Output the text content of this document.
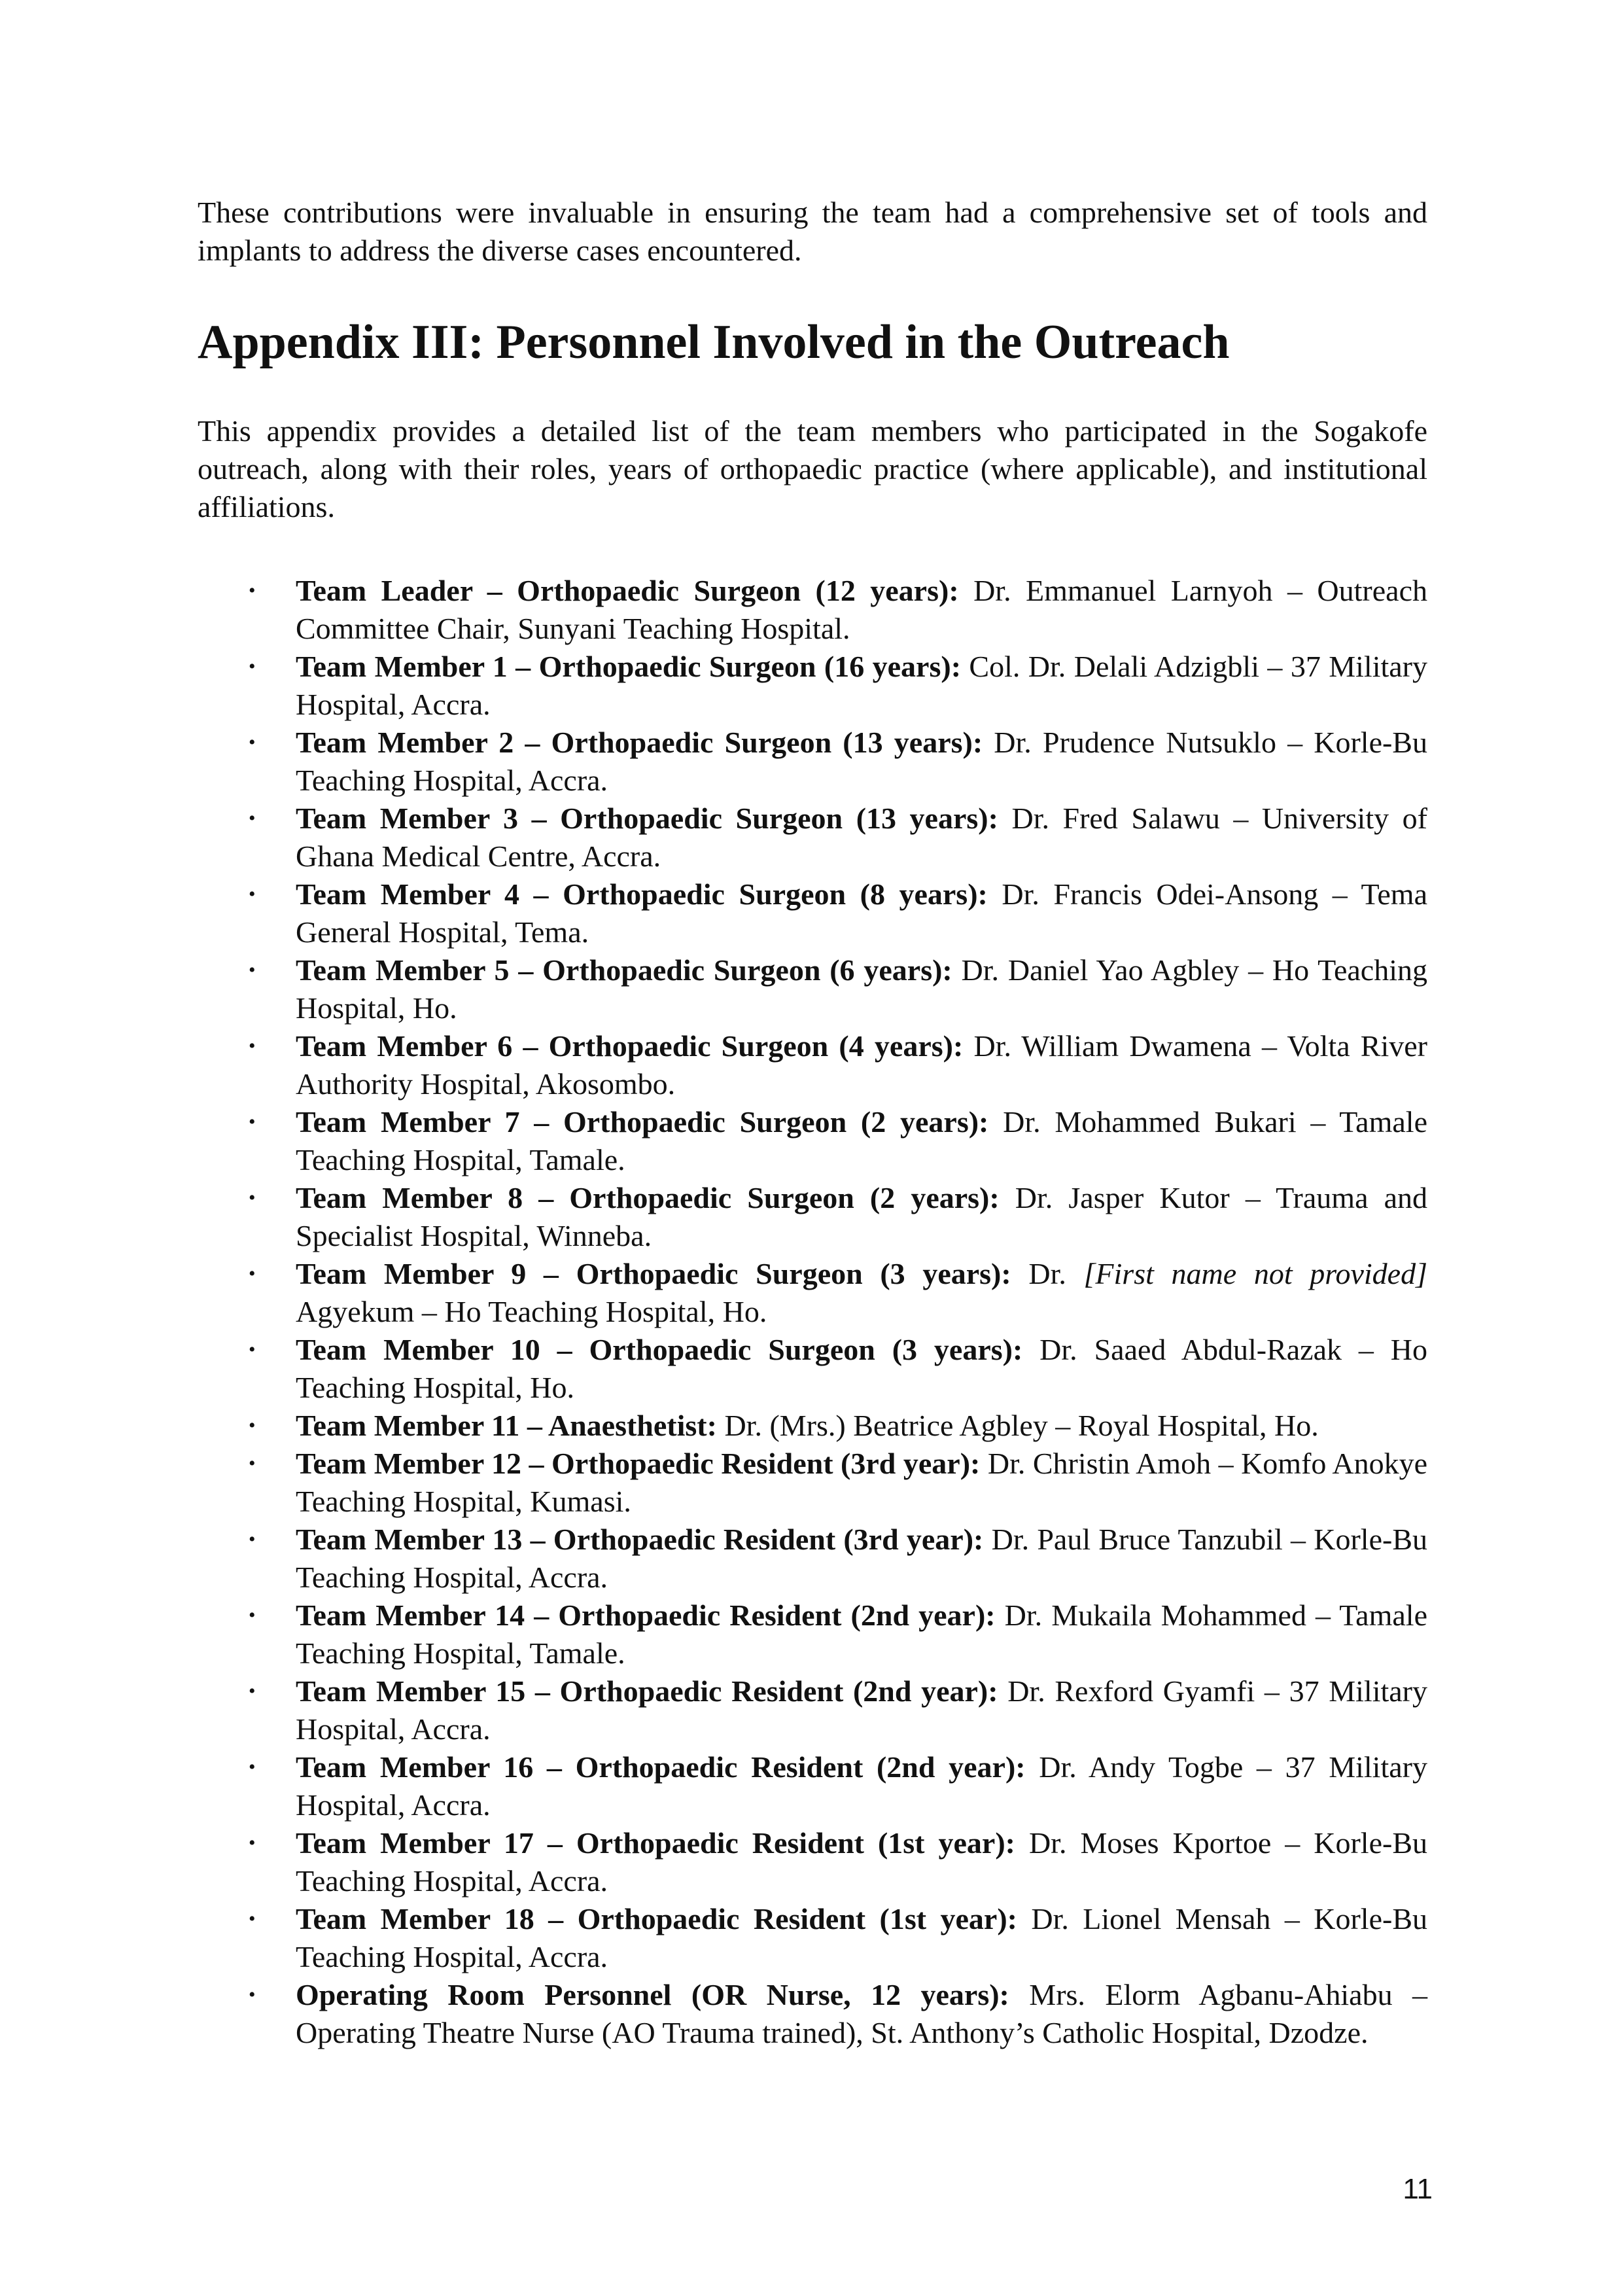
These contributions were invaluable in ensuring the team had a comprehensive set of tools and implants to address the diverse cases encountered.

Appendix III: Personnel Involved in the Outreach

This appendix provides a detailed list of the team members who participated in the Sogakofe outreach, along with their roles, years of orthopaedic practice (where applicable), and institutional affiliations.

• Team Leader – Orthopaedic Surgeon (12 years): Dr. Emmanuel Larnyoh – Outreach Committee Chair, Sunyani Teaching Hospital.
• Team Member 1 – Orthopaedic Surgeon (16 years): Col. Dr. Delali Adzigbli – 37 Military Hospital, Accra.
• Team Member 2 – Orthopaedic Surgeon (13 years): Dr. Prudence Nutsuklo – Korle-Bu Teaching Hospital, Accra.
• Team Member 3 – Orthopaedic Surgeon (13 years): Dr. Fred Salawu – University of Ghana Medical Centre, Accra.
• Team Member 4 – Orthopaedic Surgeon (8 years): Dr. Francis Odei-Ansong – Tema General Hospital, Tema.
• Team Member 5 – Orthopaedic Surgeon (6 years): Dr. Daniel Yao Agbley – Ho Teaching Hospital, Ho.
• Team Member 6 – Orthopaedic Surgeon (4 years): Dr. William Dwamena – Volta River Authority Hospital, Akosombo.
• Team Member 7 – Orthopaedic Surgeon (2 years): Dr. Mohammed Bukari – Tamale Teaching Hospital, Tamale.
• Team Member 8 – Orthopaedic Surgeon (2 years): Dr. Jasper Kutor – Trauma and Specialist Hospital, Winneba.
• Team Member 9 – Orthopaedic Surgeon (3 years): Dr. [First name not provided] Agyekum – Ho Teaching Hospital, Ho.
• Team Member 10 – Orthopaedic Surgeon (3 years): Dr. Saaed Abdul-Razak – Ho Teaching Hospital, Ho.
• Team Member 11 – Anaesthetist: Dr. (Mrs.) Beatrice Agbley – Royal Hospital, Ho.
• Team Member 12 – Orthopaedic Resident (3rd year): Dr. Christin Amoh – Komfo Anokye Teaching Hospital, Kumasi.
• Team Member 13 – Orthopaedic Resident (3rd year): Dr. Paul Bruce Tanzubil – Korle-Bu Teaching Hospital, Accra.
• Team Member 14 – Orthopaedic Resident (2nd year): Dr. Mukaila Mohammed – Tamale Teaching Hospital, Tamale.
• Team Member 15 – Orthopaedic Resident (2nd year): Dr. Rexford Gyamfi – 37 Military Hospital, Accra.
• Team Member 16 – Orthopaedic Resident (2nd year): Dr. Andy Togbe – 37 Military Hospital, Accra.
• Team Member 17 – Orthopaedic Resident (1st year): Dr. Moses Kportoe – Korle-Bu Teaching Hospital, Accra.
• Team Member 18 – Orthopaedic Resident (1st year): Dr. Lionel Mensah – Korle-Bu Teaching Hospital, Accra.
• Operating Room Personnel (OR Nurse, 12 years): Mrs. Elorm Agbanu-Ahiabu – Operating Theatre Nurse (AO Trauma trained), St. Anthony’s Catholic Hospital, Dzodze.
11
